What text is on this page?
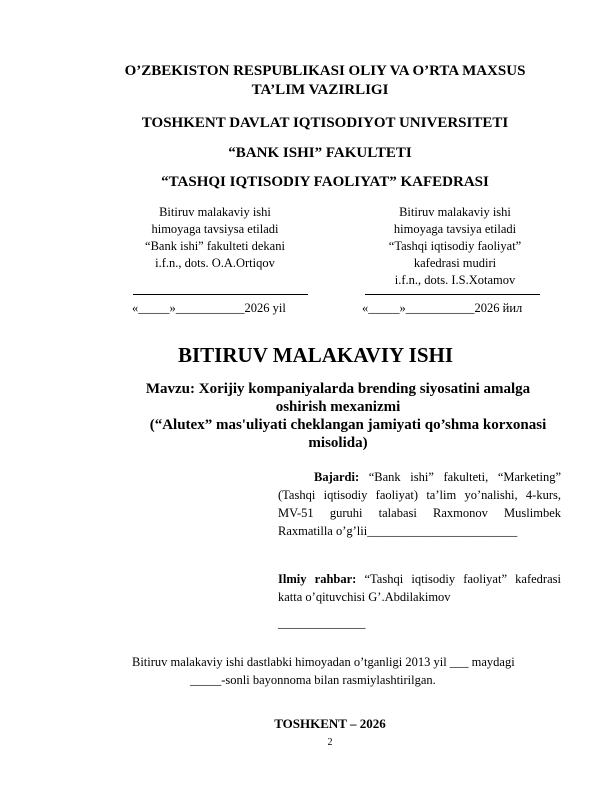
O’ZBEKISTON RESPUBLIKASI OLIY VA O’RTA MAXSUS
TA’LIM VAZIRLIGI
TOSHKENT DAVLAT IQTISODIYOT UNIVERSITETI
“BANK ISHI” FAKULTETI
“TASHQI IQTISODIY FAOLIYAT” KAFEDRASI
Bitiruv malakaviy ishi
himoyaga tavsiysa etiladi
“Bank ishi” fakulteti dekani
i.f.n., dots. O.A.Ortiqov
«_____»___________2026 yil
Bitiruv malakaviy ishi
himoyaga tavsiya etiladi
“Tashqi iqtisodiy faoliyat”
kafedrasi mudiri
i.f.n., dots. I.S.Xotamov
«_____»___________2026 йил
BITIRUV MALAKAVIY ISHI
Mavzu: Xorijiy kompaniyalarda brending siyosatini amalga
oshirish mexanizmi
(“Alutex” mas'uliyati cheklangan jamiyati qo’shma korxonasi
misolida)
Bajardi: “Bank ishi” fakulteti, “Marketing” (Tashqi iqtisodiy faoliyat) ta’lim yo’nalishi, 4-kurs, MV-51 guruhi talabasi Raxmonov Muslimbek Raxmatilla o’g’lii________________________
Ilmiy rahbar: “Tashqi iqtisodiy faoliyat” kafedrasi katta o’qituvchisi G’.Abdilakimov
______________
Bitiruv malakaviy ishi dastlabki himoyadan o’tganligi 2013 yil ___ maydagi
_____-sonli bayonnoma bilan rasmiylashtirilgan.
TOSHKENT – 2026
2
